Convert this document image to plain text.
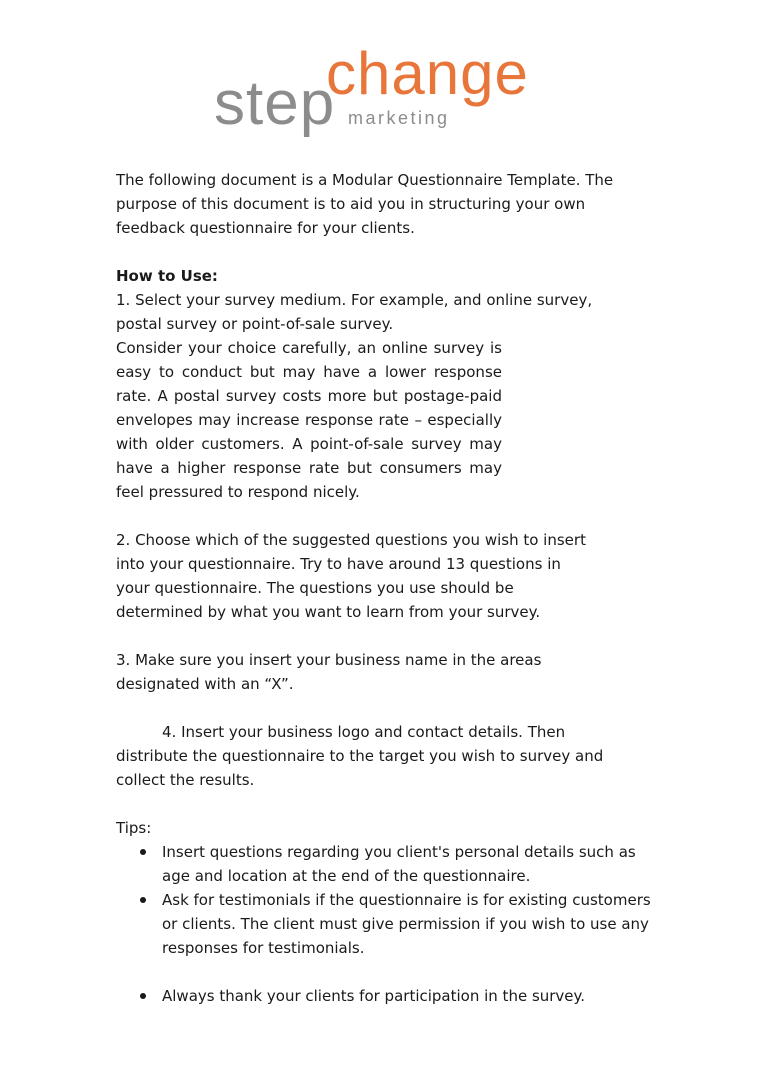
step
change
marketing

The following document is a Modular Questionnaire Template. The purpose of this document is to aid you in structuring your own feedback questionnaire for your clients.

How to Use:

1. Select your survey medium. For example, and online survey, postal survey or point-of-sale survey.

Consider your choice carefully, an online survey is easy to conduct but may have a lower response rate. A postal survey costs more but postage-paid envelopes may increase response rate – especially with older customers. A point-of-sale survey may have a higher response rate but consumers may feel pressured to respond nicely.

2. Choose which of the suggested questions you wish to insert into your questionnaire. Try to have around 13 questions in your questionnaire. The questions you use should be determined by what you want to learn from your survey.

3. Make sure you insert your business name in the areas designated with an “X”.

4. Insert your business logo and contact details. Then distribute the questionnaire to the target you wish to survey and collect the results.

Tips:

Insert questions regarding you client's personal details such as age and location at the end of the questionnaire.
Ask for testimonials if the questionnaire is for existing customers or clients. The client must give permission if you wish to use any responses for testimonials.
Always thank your clients for participation in the survey.
